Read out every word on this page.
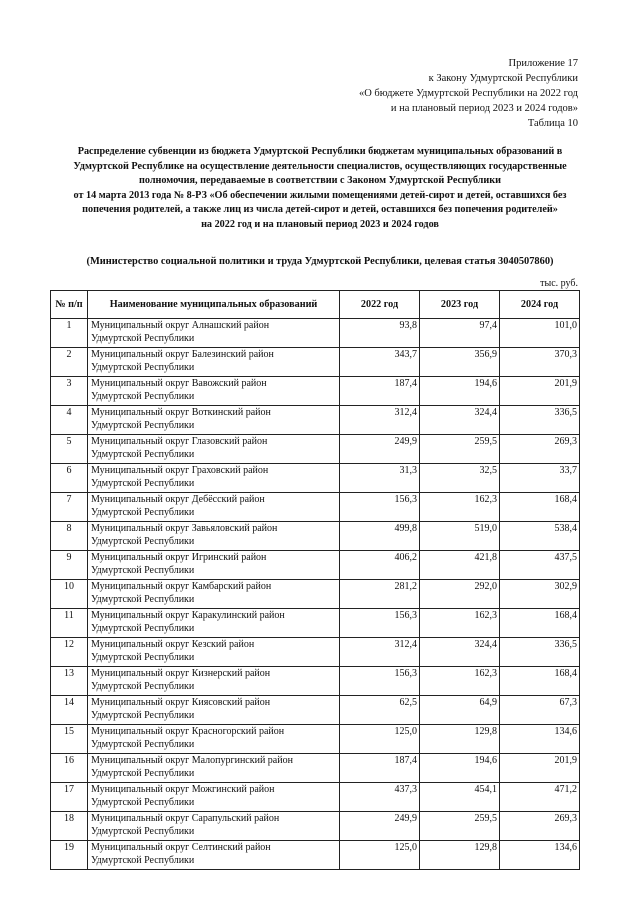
Приложение 17
к Закону Удмуртской Республики
«О бюджете Удмуртской Республики на 2022 год
и на плановый период 2023 и 2024 годов»
Таблица 10
Распределение субвенции из бюджета Удмуртской Республики бюджетам муниципальных образований в
Удмуртской Республике на осуществление деятельности специалистов, осуществляющих государственные
полномочия, передаваемые в соответствии с Законом Удмуртской Республики
от 14 марта 2013 года № 8-РЗ «Об обеспечении жилыми помещениями детей-сирот и детей, оставшихся без
попечения родителей, а также лиц из числа детей-сирот и детей, оставшихся без попечения родителей»
на 2022 год и на плановый период 2023 и 2024 годов
(Министерство социальной политики и труда Удмуртской Республики, целевая статья 3040507860)
тыс. руб.
№ п/п	Наименование муниципальных образований	2022 год	2023 год	2024 год
1	Муниципальный округ Алнашский район
Удмуртской Республики	93,8	97,4	101,0
2	Муниципальный округ Балезинский район
Удмуртской Республики	343,7	356,9	370,3
3	Муниципальный округ Вавожский район
Удмуртской Республики	187,4	194,6	201,9
4	Муниципальный округ Воткинский район
Удмуртской Республики	312,4	324,4	336,5
5	Муниципальный округ Глазовский район
Удмуртской Республики	249,9	259,5	269,3
6	Муниципальный округ Граховский район
Удмуртской Республики	31,3	32,5	33,7
7	Муниципальный округ Дебёсский район
Удмуртской Республики	156,3	162,3	168,4
8	Муниципальный округ Завьяловский район
Удмуртской Республики	499,8	519,0	538,4
9	Муниципальный округ Игринский район
Удмуртской Республики	406,2	421,8	437,5
10	Муниципальный округ Камбарский район
Удмуртской Республики	281,2	292,0	302,9
11	Муниципальный округ Каракулинский район
Удмуртской Республики	156,3	162,3	168,4
12	Муниципальный округ Кезский район
Удмуртской Республики	312,4	324,4	336,5
13	Муниципальный округ Кизнерский район
Удмуртской Республики	156,3	162,3	168,4
14	Муниципальный округ Киясовский район
Удмуртской Республики	62,5	64,9	67,3
15	Муниципальный округ Красногорский район
Удмуртской Республики	125,0	129,8	134,6
16	Муниципальный округ Малопургинский район
Удмуртской Республики	187,4	194,6	201,9
17	Муниципальный округ Можгинский район
Удмуртской Республики	437,3	454,1	471,2
18	Муниципальный округ Сарапульский район
Удмуртской Республики	249,9	259,5	269,3
19	Муниципальный округ Селтинский район
Удмуртской Республики	125,0	129,8	134,6
